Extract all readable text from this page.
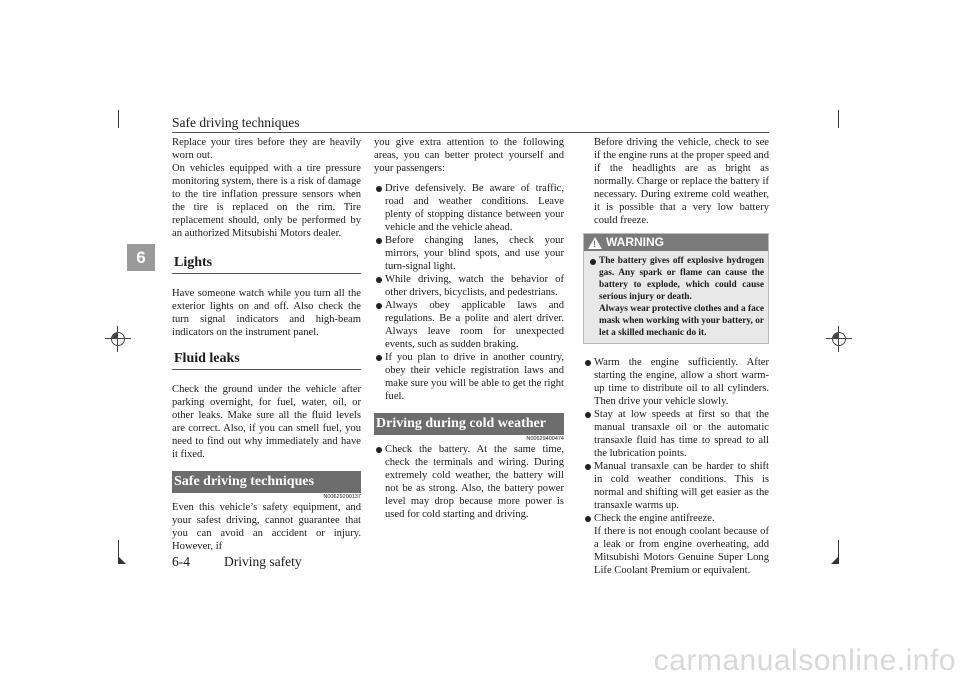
Safe driving techniques
6

Replace your tires before they are heavily worn out.

On vehicles equipped with a tire pressure monitoring system, there is a risk of damage to the tire inflation pressure sensors when the tire is replaced on the rim. Tire replacement should, only be performed by an authorized Mitsubishi Motors dealer.

Lights

Have someone watch while you turn all the exterior lights on and off. Also check the turn signal indicators and high-beam indicators on the instrument panel.

Fluid leaks

Check the ground under the vehicle after parking overnight, for fuel, water, oil, or other leaks. Make sure all the fluid levels are correct. Also, if you can smell fuel, you need to find out why immediately and have it fixed.

Safe driving techniques
N00629200137

Even this vehicle’s safety equipment, and your safest driving, cannot guarantee that you can avoid an accident or injury. However, if

you give extra attention to the following areas, you can better protect yourself and your passengers:

Drive defensively. Be aware of traffic, road and weather conditions. Leave plenty of stopping distance between your vehicle and the vehicle ahead.

Before changing lanes, check your mirrors, your blind spots, and use your turn-signal light.

While driving, watch the behavior of other drivers, bicyclists, and pedestrians.

Always obey applicable laws and regulations. Be a polite and alert driver. Always leave room for unexpected events, such as sudden braking.

If you plan to drive in another country, obey their vehicle registration laws and make sure you will be able to get the right fuel.

Driving during cold weather
N00629400474

Check the battery. At the same time, check the terminals and wiring. During extremely cold weather, the battery will not be as strong. Also, the battery power level may drop because more power is used for cold starting and driving.

Before driving the vehicle, check to see if the engine runs at the proper speed and if the headlights are as bright as normally. Charge or replace the battery if necessary. During extreme cold weather, it is possible that a very low battery could freeze.

! WARNING
The battery gives off explosive hydrogen gas. Any spark or flame can cause the battery to explode, which could cause serious injury or death.
Always wear protective clothes and a face mask when working with your battery, or let a skilled mechanic do it.

Warm the engine sufficiently. After starting the engine, allow a short warm-up time to distribute oil to all cylinders. Then drive your vehicle slowly.

Stay at low speeds at first so that the manual transaxle oil or the automatic transaxle fluid has time to spread to all the lubrication points.

Manual transaxle can be harder to shift in cold weather conditions. This is normal and shifting will get easier as the transaxle warms up.

Check the engine antifreeze.

If there is not enough coolant because of a leak or from engine overheating, add Mitsubishi Motors Genuine Super Long Life Coolant Premium or equivalent.

6-4	Driving safety
carmanualsonline.info
